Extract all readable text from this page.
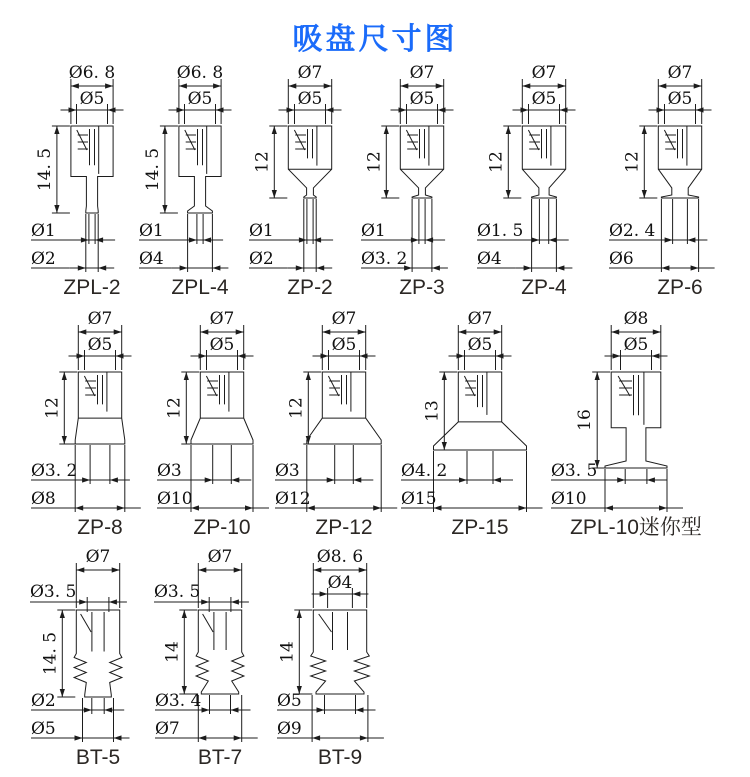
吸盘尺寸图
Ø6. 8
Ø5
14. 5
Ø1
Ø2
ZPL-2
Ø6. 8
Ø5
14. 5
Ø1
Ø4
ZPL-4
Ø7
Ø5
12
Ø1
Ø2
ZP-2
Ø7
Ø5
12
Ø1
Ø3. 2
ZP-3
Ø7
Ø5
12
Ø1. 5
Ø4
ZP-4
Ø7
Ø5
12
Ø2. 4
Ø6
ZP-6
Ø7
Ø5
12
Ø3. 2
Ø8
ZP-8
Ø7
Ø5
12
Ø3
Ø10
ZP-10
Ø7
Ø5
12
Ø3
Ø12
ZP-12
Ø7
Ø5
13
Ø4. 2
Ø15
ZP-15
Ø8
Ø5
16
Ø3. 5
Ø10
ZPL-10迷你型
Ø7
Ø3. 5
14. 5
Ø2
Ø5
BT-5
Ø7
Ø3. 5
14
Ø3. 4
Ø7
BT-7
Ø8. 6
Ø4
14
Ø5
Ø9
BT-9
